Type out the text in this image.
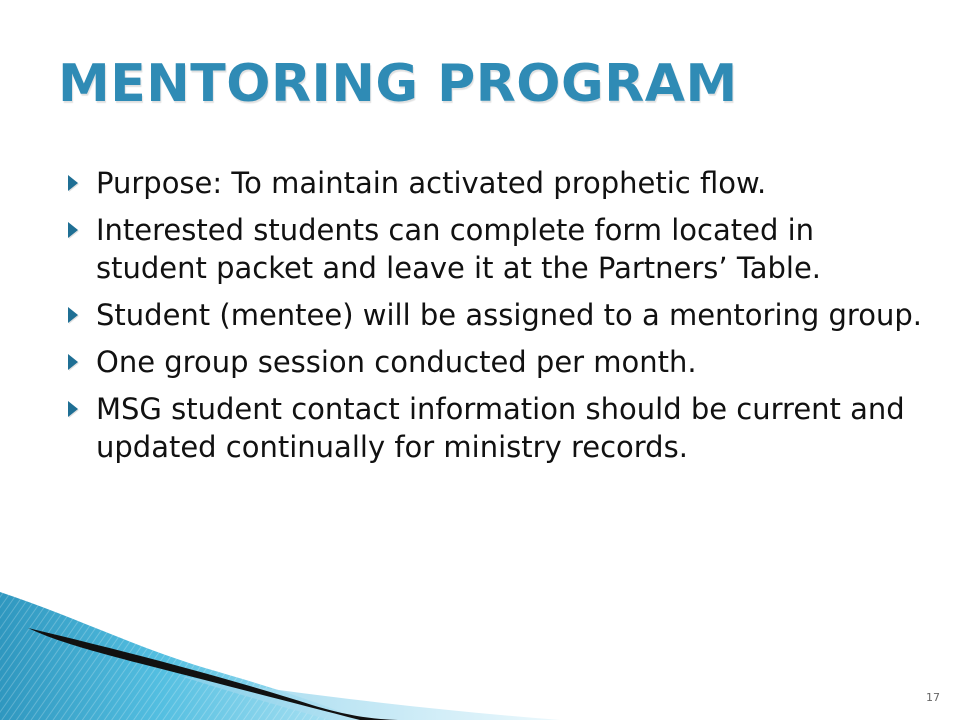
MENTORING PROGRAM
Purpose: To maintain activated prophetic flow.
Interested students can complete form located in student packet and leave it at the Partners’ Table.
Student (mentee) will be assigned to a mentoring group.
One group session conducted per month.
MSG student contact information should be current and updated continually for ministry records.
17
